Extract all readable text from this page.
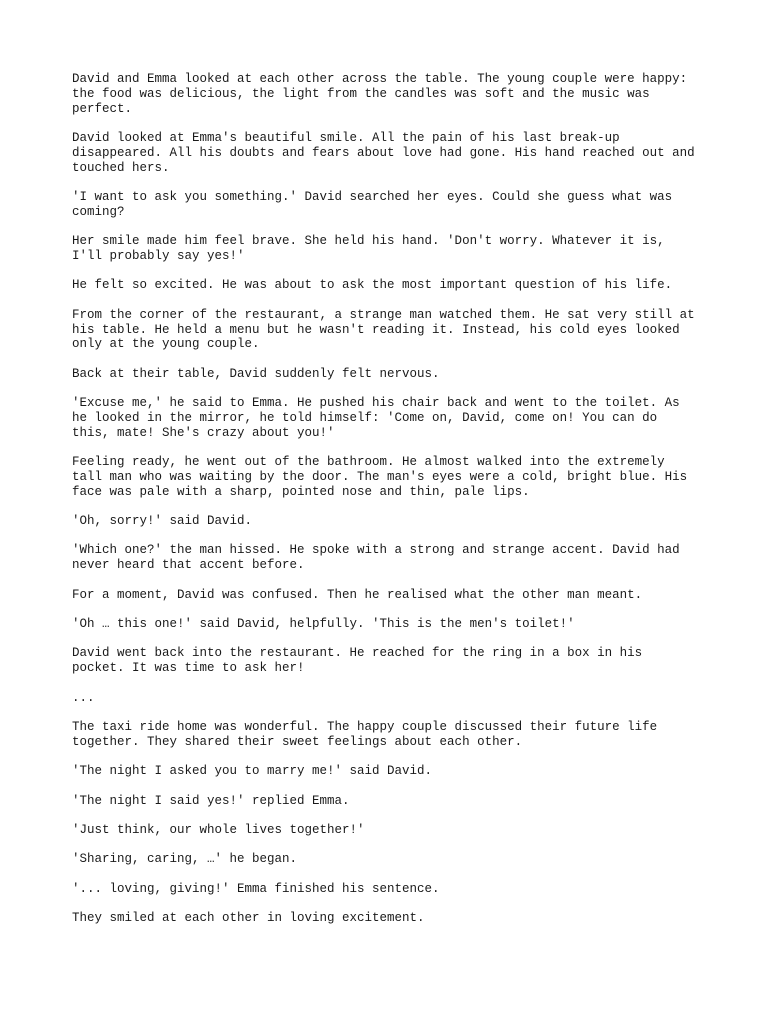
David and Emma looked at each other across the table. The young couple were happy:
the food was delicious, the light from the candles was soft and the music was
perfect.

David looked at Emma's beautiful smile. All the pain of his last break-up
disappeared. All his doubts and fears about love had gone. His hand reached out and
touched hers.

'I want to ask you something.' David searched her eyes. Could she guess what was
coming?

Her smile made him feel brave. She held his hand. 'Don't worry. Whatever it is,
I'll probably say yes!'

He felt so excited. He was about to ask the most important question of his life.

From the corner of the restaurant, a strange man watched them. He sat very still at
his table. He held a menu but he wasn't reading it. Instead, his cold eyes looked
only at the young couple.

Back at their table, David suddenly felt nervous.

'Excuse me,' he said to Emma. He pushed his chair back and went to the toilet. As
he looked in the mirror, he told himself: 'Come on, David, come on! You can do
this, mate! She's crazy about you!'

Feeling ready, he went out of the bathroom. He almost walked into the extremely
tall man who was waiting by the door. The man's eyes were a cold, bright blue. His
face was pale with a sharp, pointed nose and thin, pale lips.

'Oh, sorry!' said David.

'Which one?' the man hissed. He spoke with a strong and strange accent. David had
never heard that accent before.

For a moment, David was confused. Then he realised what the other man meant.

'Oh … this one!' said David, helpfully. 'This is the men's toilet!'

David went back into the restaurant. He reached for the ring in a box in his
pocket. It was time to ask her!

...

The taxi ride home was wonderful. The happy couple discussed their future life
together. They shared their sweet feelings about each other.

'The night I asked you to marry me!' said David.

'The night I said yes!' replied Emma.

'Just think, our whole lives together!'

'Sharing, caring, …' he began.

'... loving, giving!' Emma finished his sentence.

They smiled at each other in loving excitement.
